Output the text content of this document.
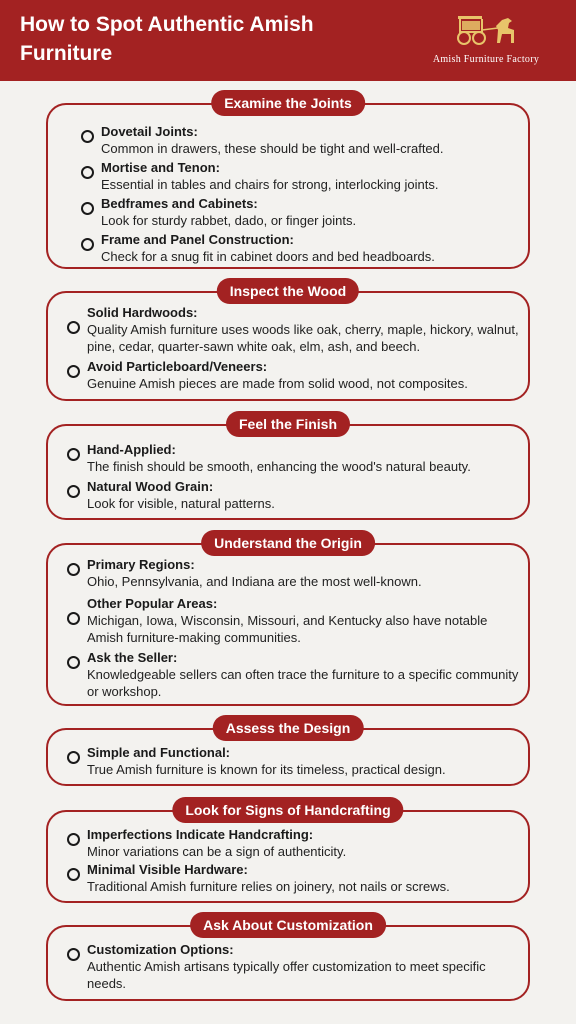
How to Spot Authentic Amish Furniture	Amish Furniture Factory
Examine the Joints
Dovetail Joints:
Common in drawers, these should be tight and well-crafted.
Mortise and Tenon:
Essential in tables and chairs for strong, interlocking joints.
Bedframes and Cabinets:
Look for sturdy rabbet, dado, or finger joints.
Frame and Panel Construction:
Check for a snug fit in cabinet doors and bed headboards.
Inspect the Wood
Solid Hardwoods:
Quality Amish furniture uses woods like oak, cherry, maple, hickory, walnut, pine, cedar, quarter-sawn white oak, elm, ash, and beech.
Avoid Particleboard/Veneers:
Genuine Amish pieces are made from solid wood, not composites.
Feel the Finish
Hand-Applied:
The finish should be smooth, enhancing the wood's natural beauty.
Natural Wood Grain:
Look for visible, natural patterns.
Understand the Origin
Primary Regions:
Ohio, Pennsylvania, and Indiana are the most well-known.
Other Popular Areas:
Michigan, Iowa, Wisconsin, Missouri, and Kentucky also have notable Amish furniture-making communities.
Ask the Seller:
Knowledgeable sellers can often trace the furniture to a specific community or workshop.
Assess the Design
Simple and Functional:
True Amish furniture is known for its timeless, practical design.
Look for Signs of Handcrafting
Imperfections Indicate Handcrafting:
Minor variations can be a sign of authenticity.
Minimal Visible Hardware:
Traditional Amish furniture relies on joinery, not nails or screws.
Ask About Customization
Customization Options:
Authentic Amish artisans typically offer customization to meet specific needs.
